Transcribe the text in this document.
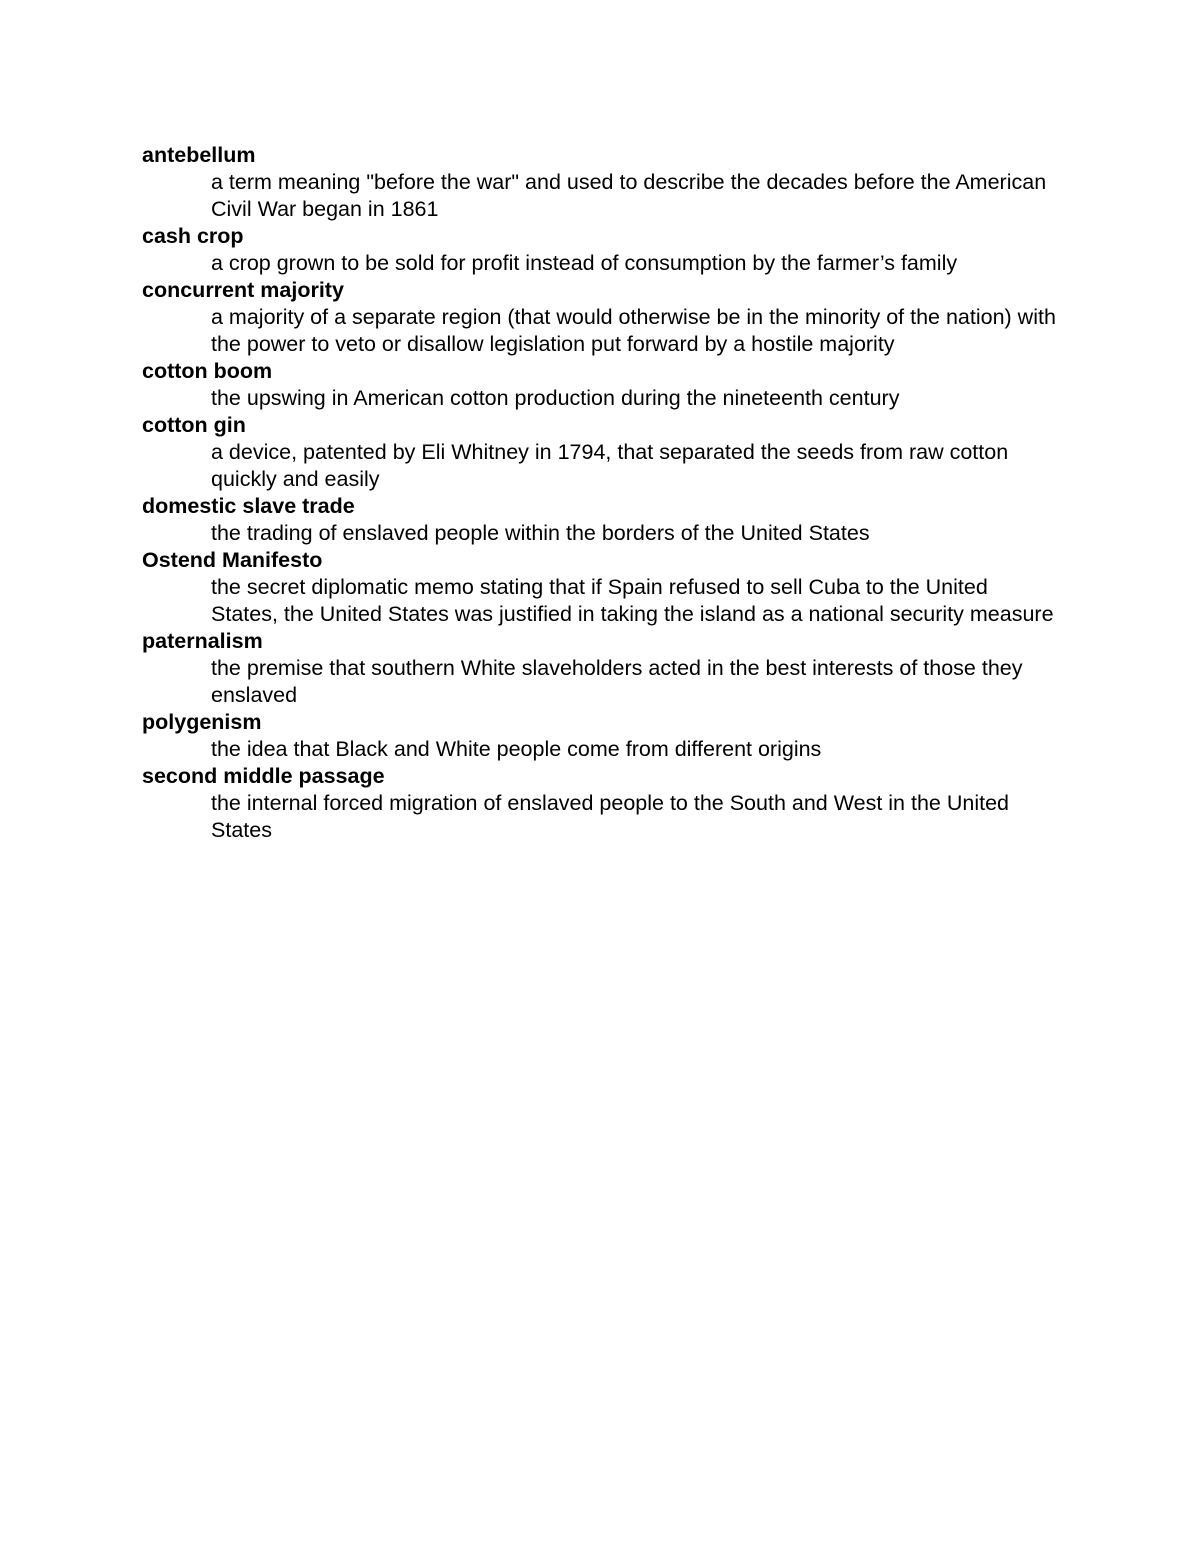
antebellum
a term meaning "before the war" and used to describe the decades before the American Civil War began in 1861
cash crop
a crop grown to be sold for profit instead of consumption by the farmer’s family
concurrent majority
a majority of a separate region (that would otherwise be in the minority of the nation) with the power to veto or disallow legislation put forward by a hostile majority
cotton boom
the upswing in American cotton production during the nineteenth century
cotton gin
a device, patented by Eli Whitney in 1794, that separated the seeds from raw cotton quickly and easily
domestic slave trade
the trading of enslaved people within the borders of the United States
Ostend Manifesto
the secret diplomatic memo stating that if Spain refused to sell Cuba to the United States, the United States was justified in taking the island as a national security measure
paternalism
the premise that southern White slaveholders acted in the best interests of those they enslaved
polygenism
the idea that Black and White people come from different origins
second middle passage
the internal forced migration of enslaved people to the South and West in the United States
